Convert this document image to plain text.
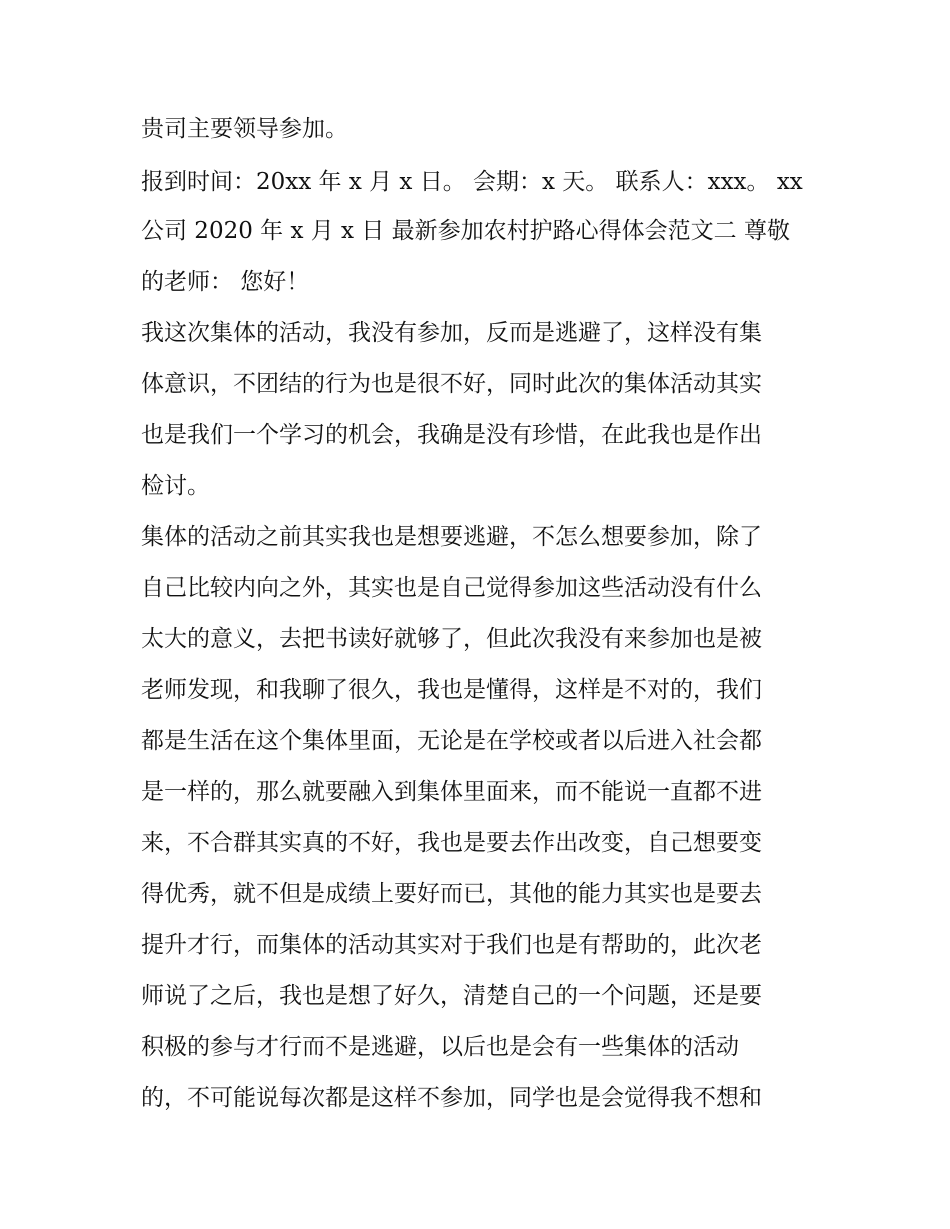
贵司主要领导参加。

报到时间：20xx 年 x 月 x 日。 会期：x 天。 联系人：xxx。 xx

公司 2020 年 x 月 x 日 最新参加农村护路心得体会范文二 尊敬

的老师： 您好！

我这次集体的活动，我没有参加，反而是逃避了，这样没有集

体意识，不团结的行为也是很不好，同时此次的集体活动其实

也是我们一个学习的机会，我确是没有珍惜，在此我也是作出

检讨。

集体的活动之前其实我也是想要逃避，不怎么想要参加，除了

自己比较内向之外，其实也是自己觉得参加这些活动没有什么

太大的意义，去把书读好就够了，但此次我没有来参加也是被

老师发现，和我聊了很久，我也是懂得，这样是不对的，我们

都是生活在这个集体里面，无论是在学校或者以后进入社会都

是一样的，那么就要融入到集体里面来，而不能说一直都不进

来，不合群其实真的不好，我也是要去作出改变，自己想要变

得优秀，就不但是成绩上要好而已，其他的能力其实也是要去

提升才行，而集体的活动其实对于我们也是有帮助的，此次老

师说了之后，我也是想了好久，清楚自己的一个问题，还是要

积极的参与才行而不是逃避，以后也是会有一些集体的活动

的，不可能说每次都是这样不参加，同学也是会觉得我不想和
